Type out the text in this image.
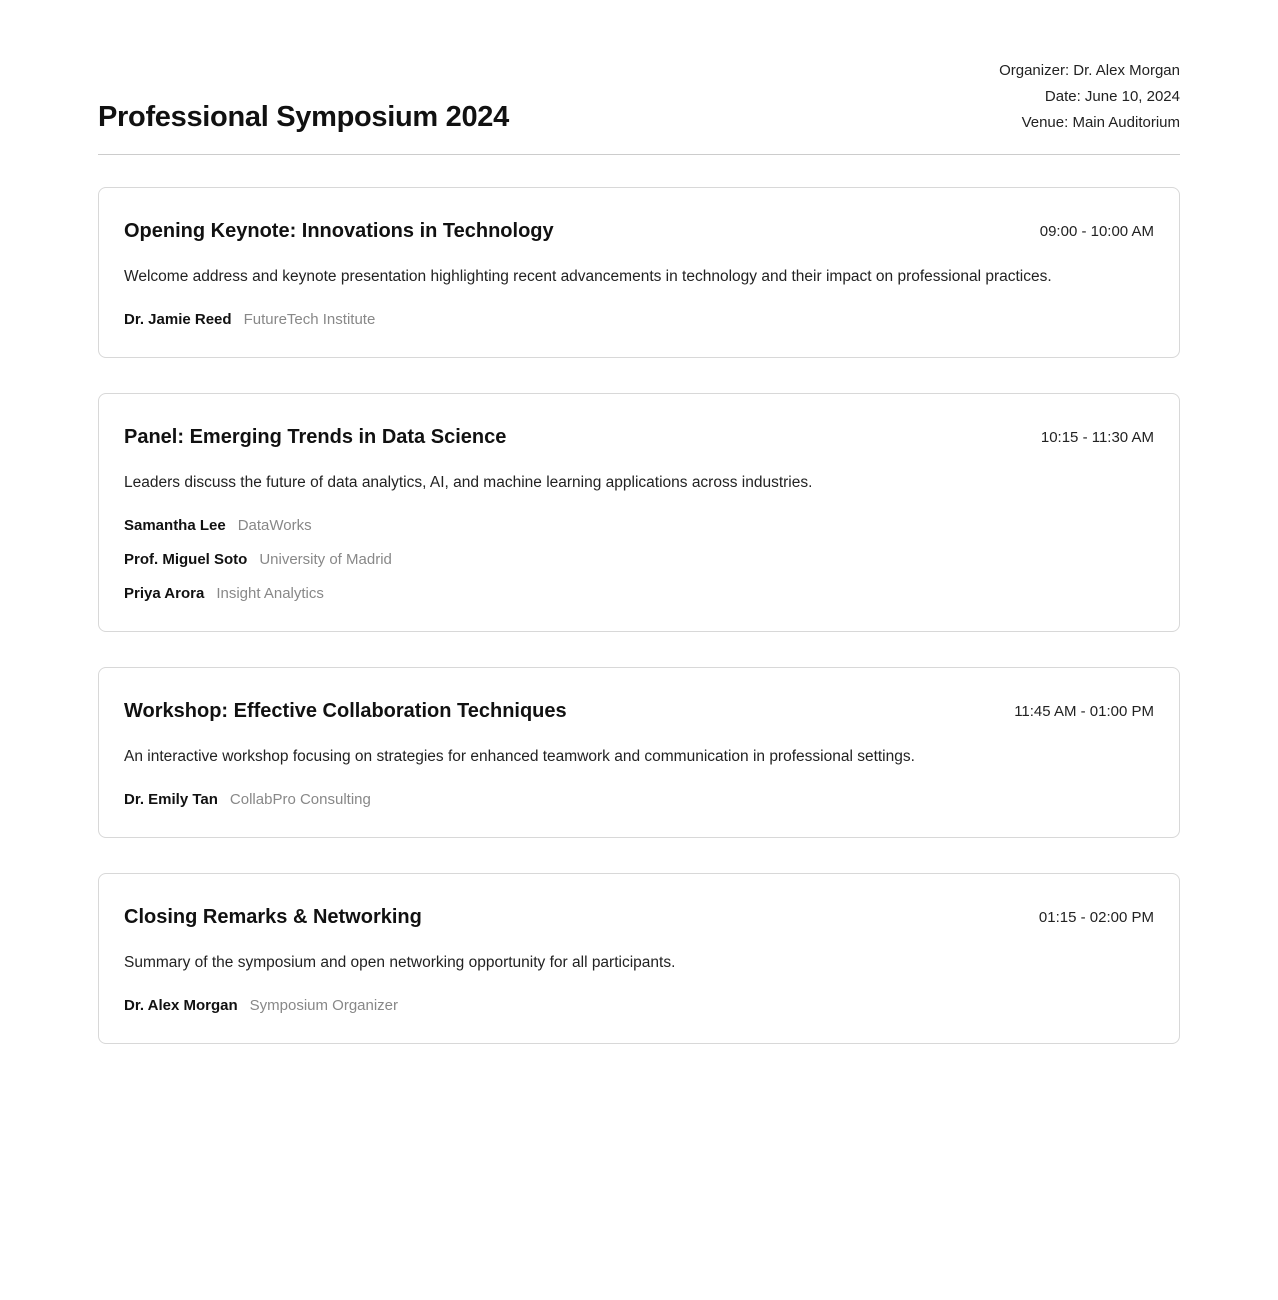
Professional Symposium 2024
Organizer: Dr. Alex Morgan
Date: June 10, 2024
Venue: Main Auditorium
Opening Keynote: Innovations in Technology	09:00 - 10:00 AM

Welcome address and keynote presentation highlighting recent advancements in technology and their impact on professional practices.

Dr. Jamie Reed FutureTech Institute
Panel: Emerging Trends in Data Science	10:15 - 11:30 AM

Leaders discuss the future of data analytics, AI, and machine learning applications across industries.

Samantha Lee DataWorks
Prof. Miguel Soto University of Madrid
Priya Arora Insight Analytics
Workshop: Effective Collaboration Techniques	11:45 AM - 01:00 PM

An interactive workshop focusing on strategies for enhanced teamwork and communication in professional settings.

Dr. Emily Tan CollabPro Consulting
Closing Remarks & Networking	01:15 - 02:00 PM

Summary of the symposium and open networking opportunity for all participants.

Dr. Alex Morgan Symposium Organizer
